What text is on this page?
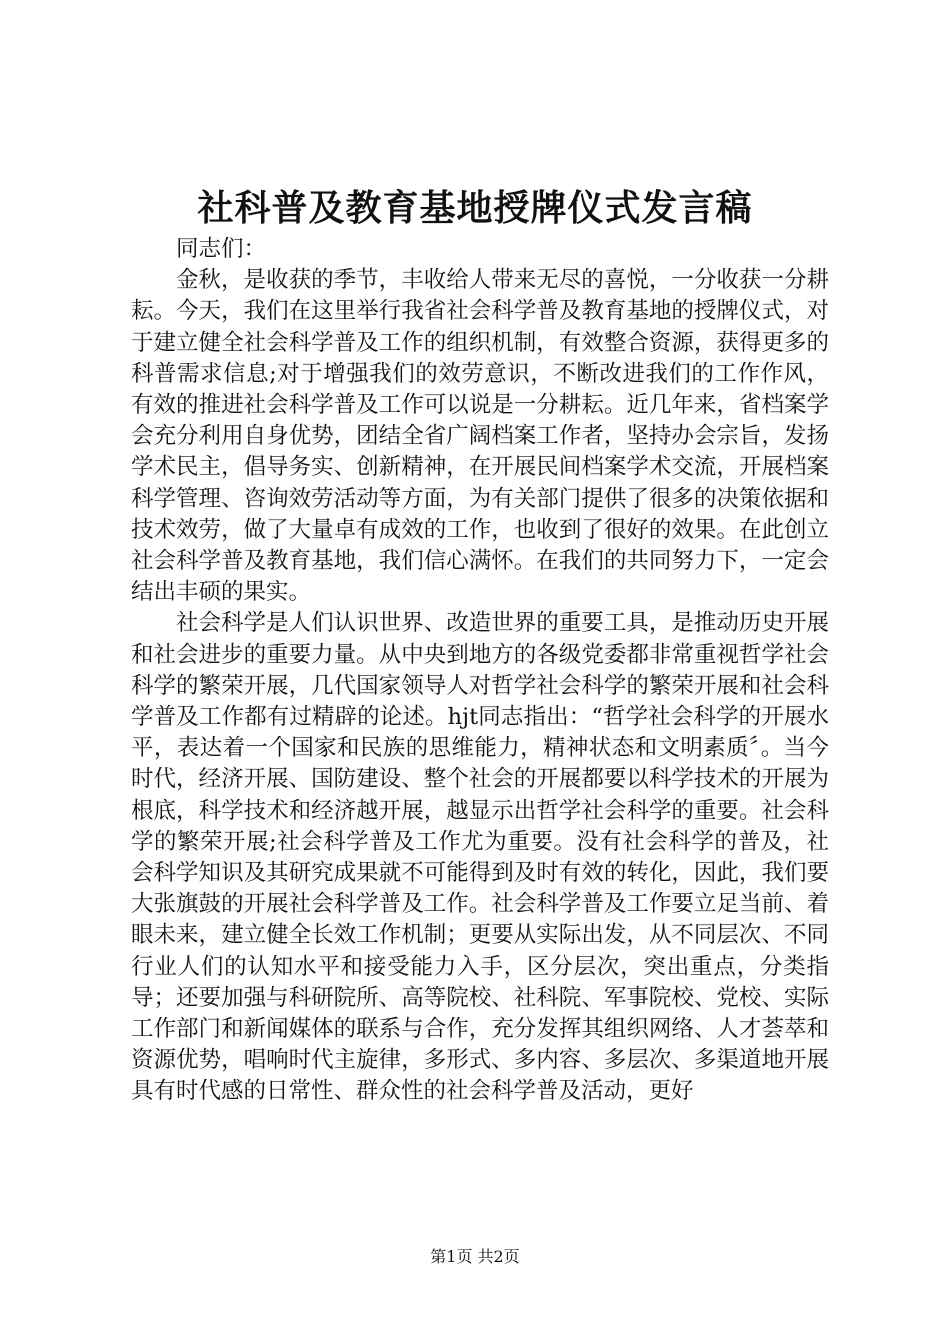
社科普及教育基地授牌仪式发言稿

同志们：

金秋，是收获的季节，丰收给人带来无尽的喜悦，一分收获一分耕耘。今天，我们在这里举行我省社会科学普及教育基地的授牌仪式，对于建立健全社会科学普及工作的组织机制，有效整合资源，获得更多的科普需求信息;对于增强我们的效劳意识，不断改进我们的工作作风，有效的推进社会科学普及工作可以说是一分耕耘。近几年来，省档案学会充分利用自身优势，团结全省广阔档案工作者，坚持办会宗旨，发扬学术民主，倡导务实、创新精神，在开展民间档案学术交流，开展档案科学管理、咨询效劳活动等方面，为有关部门提供了很多的决策依据和技术效劳，做了大量卓有成效的工作，也收到了很好的效果。在此创立社会科学普及教育基地，我们信心满怀。在我们的共同努力下，一定会结出丰硕的果实。

社会科学是人们认识世界、改造世界的重要工具，是推动历史开展和社会进步的重要力量。从中央到地方的各级党委都非常重视哲学社会科学的繁荣开展，几代国家领导人对哲学社会科学的繁荣开展和社会科学普及工作都有过精辟的论述。hjt同志指出：“哲学社会科学的开展水平，表达着一个国家和民族的思维能力，精神状态和文明素质〞。当今时代，经济开展、国防建设、整个社会的开展都要以科学技术的开展为根底，科学技术和经济越开展，越显示出哲学社会科学的重要。社会科学的繁荣开展;社会科学普及工作尤为重要。没有社会科学的普及，社会科学知识及其研究成果就不可能得到及时有效的转化，因此，我们要大张旗鼓的开展社会科学普及工作。社会科学普及工作要立足当前、着眼未来，建立健全长效工作机制；更要从实际出发，从不同层次、不同行业人们的认知水平和接受能力入手，区分层次，突出重点，分类指导；还要加强与科研院所、高等院校、社科院、军事院校、党校、实际工作部门和新闻媒体的联系与合作，充分发挥其组织网络、人才荟萃和资源优势，唱响时代主旋律，多形式、多内容、多层次、多渠道地开展具有时代感的日常性、群众性的社会科学普及活动，更好

第1页 共2页
